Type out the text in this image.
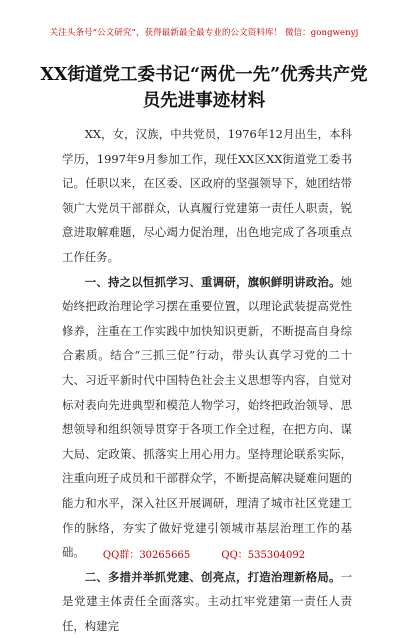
关注头条号“公文研究”，获得最新最全最专业的公文资料库！ 微信：gongwenyj
XX街道党工委书记“两优一先”优秀共产党员先进事迹材料

XX，女，汉族，中共党员，1976年12月出生，本科学历，1997年9月参加工作，现任XX区XX街道党工委书记。任职以来，在区委、区政府的坚强领导下，她团结带领广大党员干部群众，认真履行党建第一责任人职责，锐意进取解难题，尽心竭力促治理，出色地完成了各项重点工作任务。

一、持之以恒抓学习、重调研，旗帜鲜明讲政治。她始终把政治理论学习摆在重要位置，以理论武装提高党性修养，注重在工作实践中加快知识更新，不断提高自身综合素质。结合“三抓三促”行动，带头认真学习党的二十大、习近平新时代中国特色社会主义思想等内容，自觉对标对表向先进典型和模范人物学习，始终把政治领导、思想领导和组织领导贯穿于各项工作全过程，在把方向、谋大局、定政策、抓落实上用心用力。坚持理论联系实际，注重向班子成员和干部群众学，不断提高解决疑难问题的能力和水平，深入社区开展调研，理清了城市社区党建工作的脉络，夯实了做好党建引领城市基层治理工作的基础。

二、多措并举抓党建、创亮点，打造治理新格局。一是党建主体责任全面落实。主动扛牢党建第一责任人责任，构建完

QQ群：30265665	QQ：535304092
